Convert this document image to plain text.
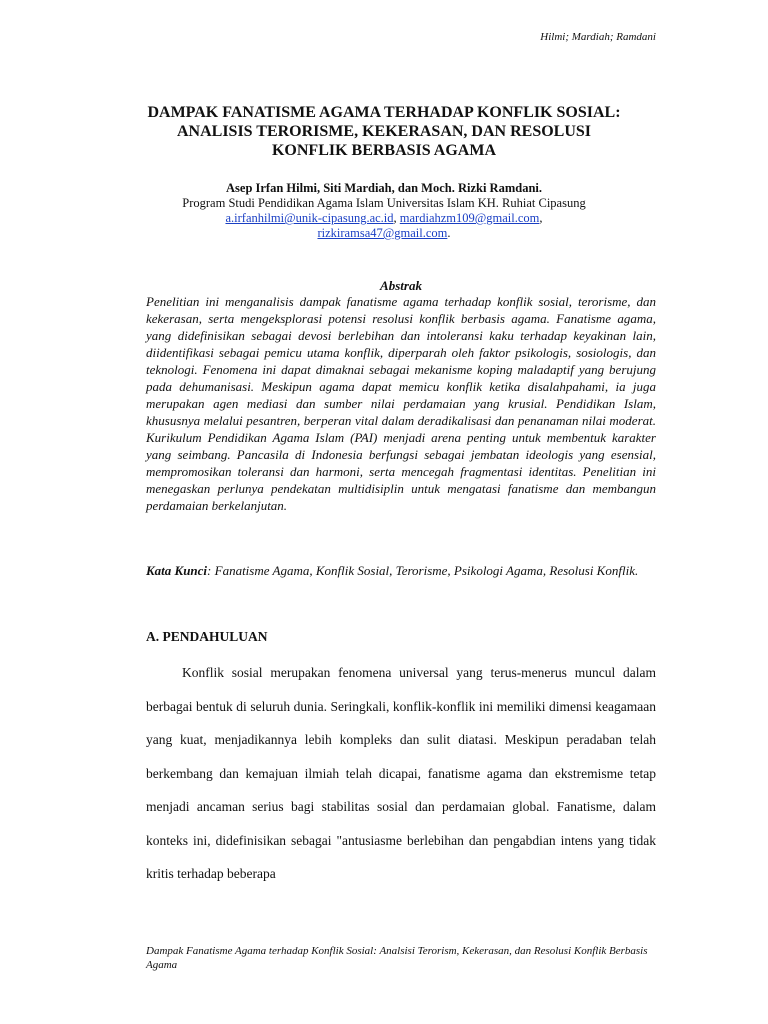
Hilmi; Mardiah; Ramdani
DAMPAK FANATISME AGAMA TERHADAP KONFLIK SOSIAL: ANALISIS TERORISME, KEKERASAN, DAN RESOLUSI KONFLIK BERBASIS AGAMA
Asep Irfan Hilmi, Siti Mardiah, dan Moch. Rizki Ramdani.
Program Studi Pendidikan Agama Islam Universitas Islam KH. Ruhiat Cipasung
a.irfanhilmi@unik-cipasung.ac.id, mardiahzm109@gmail.com,
rizkiramsa47@gmail.com.
Abstrak
Penelitian ini menganalisis dampak fanatisme agama terhadap konflik sosial, terorisme, dan kekerasan, serta mengeksplorasi potensi resolusi konflik berbasis agama. Fanatisme agama, yang didefinisikan sebagai devosi berlebihan dan intoleransi kaku terhadap keyakinan lain, diidentifikasi sebagai pemicu utama konflik, diperparah oleh faktor psikologis, sosiologis, dan teknologi. Fenomena ini dapat dimaknai sebagai mekanisme koping maladaptif yang berujung pada dehumanisasi. Meskipun agama dapat memicu konflik ketika disalahpahami, ia juga merupakan agen mediasi dan sumber nilai perdamaian yang krusial. Pendidikan Islam, khususnya melalui pesantren, berperan vital dalam deradikalisasi dan penanaman nilai moderat. Kurikulum Pendidikan Agama Islam (PAI) menjadi arena penting untuk membentuk karakter yang seimbang. Pancasila di Indonesia berfungsi sebagai jembatan ideologis yang esensial, mempromosikan toleransi dan harmoni, serta mencegah fragmentasi identitas. Penelitian ini menegaskan perlunya pendekatan multidisiplin untuk mengatasi fanatisme dan membangun perdamaian berkelanjutan.
Kata Kunci: Fanatisme Agama, Konflik Sosial, Terorisme, Psikologi Agama, Resolusi Konflik.
A. PENDAHULUAN
Konflik sosial merupakan fenomena universal yang terus-menerus muncul dalam berbagai bentuk di seluruh dunia. Seringkali, konflik-konflik ini memiliki dimensi keagamaan yang kuat, menjadikannya lebih kompleks dan sulit diatasi. Meskipun peradaban telah berkembang dan kemajuan ilmiah telah dicapai, fanatisme agama dan ekstremisme tetap menjadi ancaman serius bagi stabilitas sosial dan perdamaian global. Fanatisme, dalam konteks ini, didefinisikan sebagai "antusiasme berlebihan dan pengabdian intens yang tidak kritis terhadap beberapa
Dampak Fanatisme Agama terhadap Konflik Sosial: Analsisi Terorism, Kekerasan, dan Resolusi Konflik Berbasis Agama
